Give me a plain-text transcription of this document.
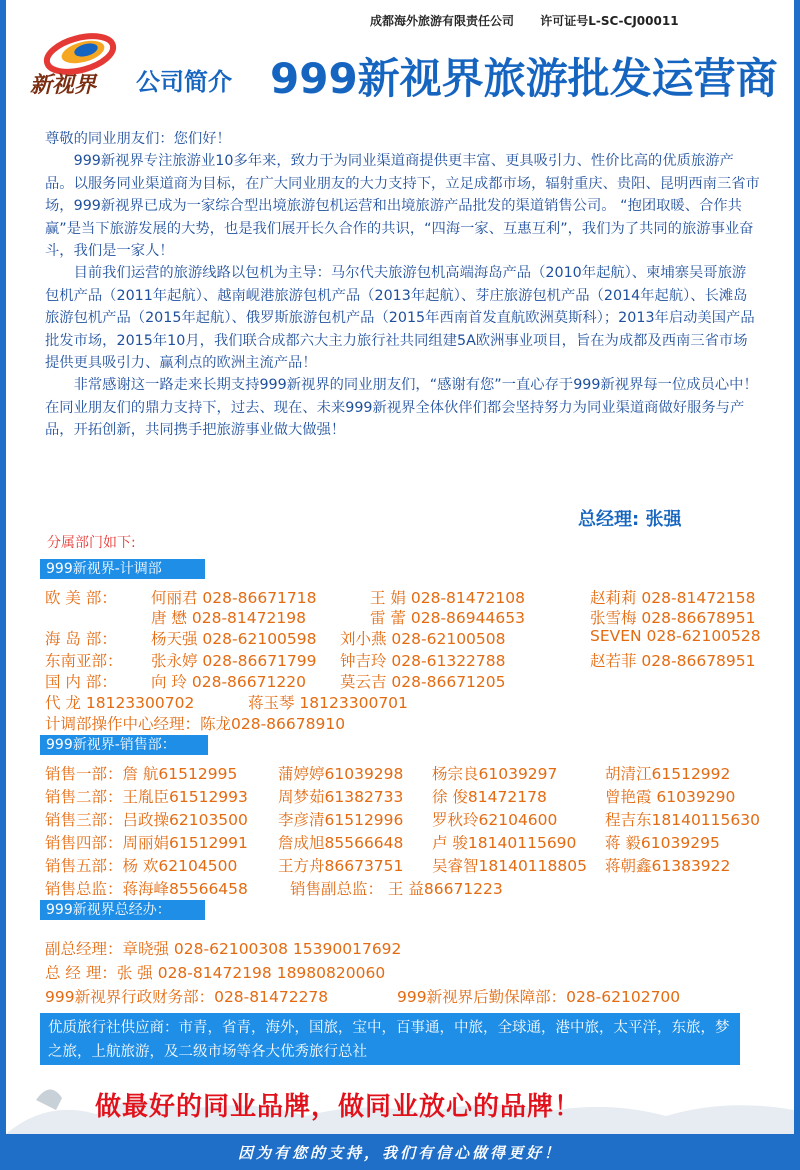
成都海外旅游有限责任公司 许可证号L-SC-CJ00011
新视界 公司简介 999新视界旅游批发运营商

尊敬的同业朋友们：您们好！

999新视界专注旅游业10多年来，致力于为同业渠道商提供更丰富、更具吸引力、性价比高的优质旅游产品。以服务同业渠道商为目标，在广大同业朋友的大力支持下，立足成都市场，辐射重庆、贵阳、昆明西南三省市场，999新视界已成为一家综合型出境旅游包机运营和出境旅游产品批发的渠道销售公司。 “抱团取暖、合作共赢”是当下旅游发展的大势，也是我们展开长久合作的共识，“四海一家、互惠互利”，我们为了共同的旅游事业奋斗，我们是一家人！

目前我们运营的旅游线路以包机为主导：马尔代夫旅游包机高端海岛产品（2010年起航）、柬埔寨吴哥旅游包机产品（2011年起航）、越南岘港旅游包机产品（2013年起航）、芽庄旅游包机产品（2014年起航）、长滩岛旅游包机产品（2015年起航）、俄罗斯旅游包机产品（2015年西南首发直航欧洲莫斯科）；2013年启动美国产品批发市场，2015年10月，我们联合成都六大主力旅行社共同组建5A欧洲事业项目，旨在为成都及西南三省市场提供更具吸引力、赢利点的欧洲主流产品！

非常感谢这一路走来长期支持999新视界的同业朋友们，“感谢有您”一直心存于999新视界每一位成员心中！在同业朋友们的鼎力支持下，过去、现在、未来999新视界全体伙伴们都会坚持努力为同业渠道商做好服务与产品，开拓创新，共同携手把旅游事业做大做强！

总经理: 张强
分属部门如下:
999新视界-计调部
欧 美 部： 何丽君 028-86671718	王 娟 028-81472108	赵莉莉 028-81472158
唐 懋 028-81472198	雷 蕾 028-86944653	张雪梅 028-86678951
海 岛 部： 杨天强 028-62100598 刘小燕 028-62100508	SEVEN 028-62100528
东南亚部： 张永婷 028-86671799 钟吉玲 028-61322788	赵若菲 028-86678951
国 内 部： 向 玲 028-86671220 莫云吉 028-86671205
代 龙 18123300702	蒋玉琴 18123300701
计调部操作中心经理：陈龙028-86678910
999新视界-销售部：
销售一部：詹 航61512995	蒲婷婷61039298 杨宗良61039297	胡清江61512992
销售二部：王胤臣61512993 周梦茹61382733 徐 俊81472178	曾艳霞 61039290
销售三部：吕政操62103500 李彦清61512996 罗秋玲62104600	程吉东18140115630
销售四部：周丽娟61512991 詹成旭85566648 卢 骏18140115690 蒋 毅61039295
销售五部：杨 欢62104500	王方舟86673751 吴睿智18140118805 蒋朝鑫61383922
销售总监：蒋海峰85566458	销售副总监： 王 益86671223
999新视界总经办：
副总经理：章晓强 028-62100308 15390017692
总 经 理：张 强 028-81472198 18980820060
999新视界行政财务部：028-81472278	999新视界后勤保障部：028-62102700
优质旅行社供应商：市青，省青，海外，国旅，宝中，百事通，中旅，全球通，港中旅，太平洋，东旅，梦之旅，上航旅游，及二级市场等各大优秀旅行总社
做最好的同业品牌，做同业放心的品牌！
因为有您的支持，我们有信心做得更好！
